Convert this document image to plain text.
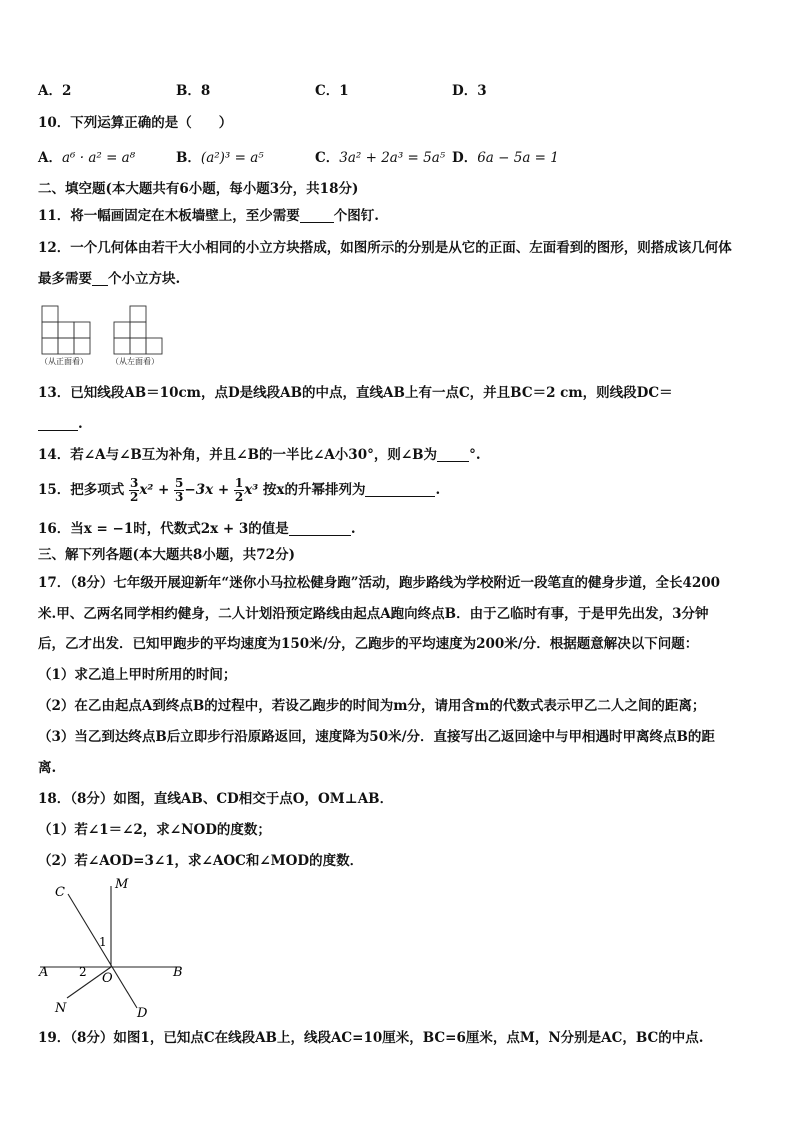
A．2	B．8	C．1	D．3
10．下列运算正确的是（　　）
A．a⁶ · a² = a⁸	B．(a²)³ = a⁵	C．3a² + 2a³ = 5a⁵ D．6a − 5a = 1
二、填空题(本大题共有6小题，每小题3分，共18分)
11．将一幅画固定在木板墙壁上，至少需要	个图钉.
12．一个几何体由若干大小相同的小立方块搭成，如图所示的分别是从它的正面、左面看到的图形，则搭成该几何体
最多需要 个小立方块.
（从正面看）	（从左面看）
13．已知线段AB＝10cm，点D是线段AB的中点，直线AB上有一点C，并且BC＝2 cm，则线段DC＝
.
14．若∠A与∠B互为补角，并且∠B的一半比∠A小30°，则∠B为 °.
15．把多项式 $\frac{3}{2} x^2 + \frac{5}{3} -3x + \frac{1}{2} x^3$ 按x的升幂排列为	.
16．当x = −1时，代数式2x + 3的值是	.
三、解下列各题(本大题共8小题，共72分)
17．（8分）七年级开展迎新年“迷你小马拉松健身跑”活动，跑步路线为学校附近一段笔直的健身步道，全长4200
米.甲、乙两名同学相约健身，二人计划沿预定路线由起点A跑向终点B．由于乙临时有事，于是甲先出发，3分钟
后，乙才出发．已知甲跑步的平均速度为150米/分，乙跑步的平均速度为200米/分．根据题意解决以下问题：
（1）求乙追上甲时所用的时间；
（2）在乙由起点A到终点B的过程中，若设乙跑步的时间为m分，请用含m的代数式表示甲乙二人之间的距离；
（3）当乙到达终点B后立即步行沿原路返回，速度降为50米/分．直接写出乙返回途中与甲相遇时甲离终点B的距
离.
18．（8分）如图，直线AB、CD相交于点O，OM⊥AB．
（1）若∠1＝∠2，求∠NOD的度数；
（2）若∠AOD=3∠1，求∠AOC和∠MOD的度数．
C
M
1
A	2 O	B
N	D
19．（8分）如图1，已知点C在线段AB上，线段AC=10厘米，BC=6厘米，点M，N分别是AC，BC的中点.
